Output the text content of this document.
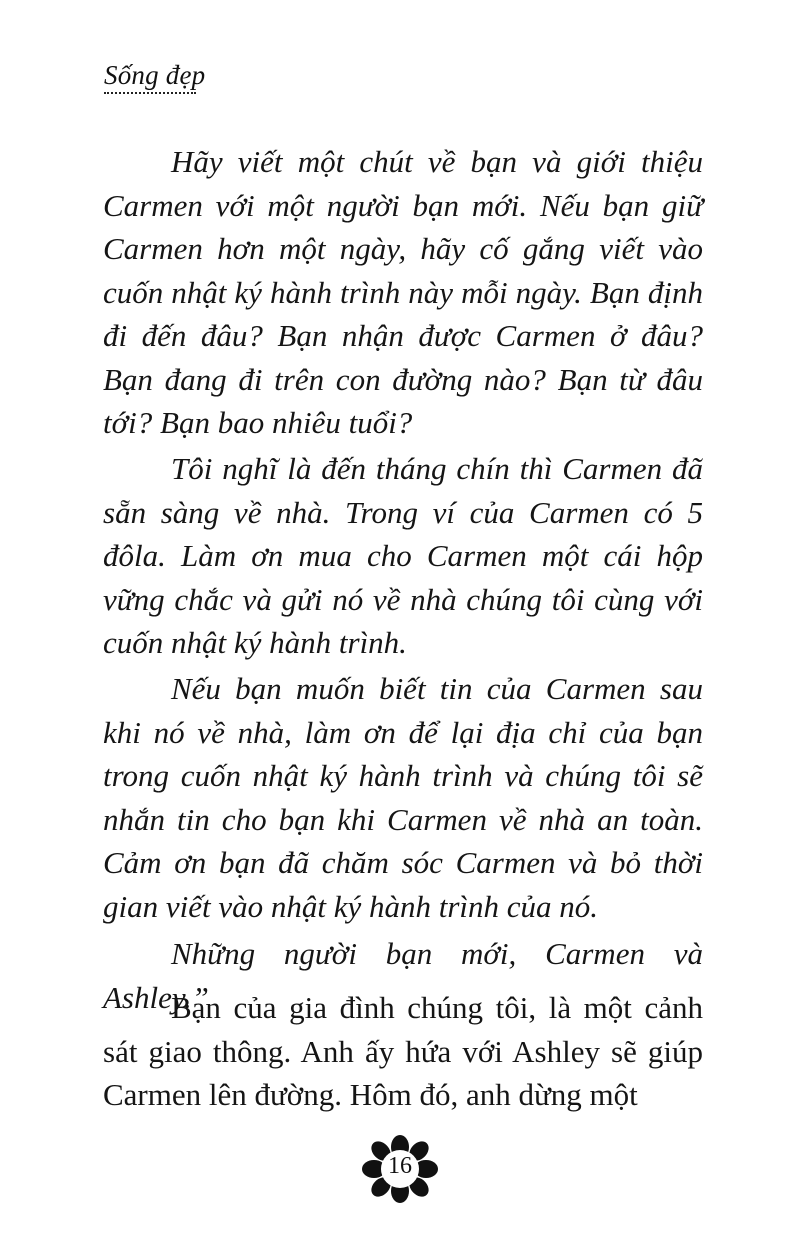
Sống đẹp

Hãy viết một chút về bạn và giới thiệu Carmen với một người bạn mới. Nếu bạn giữ Carmen hơn một ngày, hãy cố gắng viết vào cuốn nhật ký hành trình này mỗi ngày. Bạn định đi đến đâu? Bạn nhận được Carmen ở đâu? Bạn đang đi trên con đường nào? Bạn từ đâu tới? Bạn bao nhiêu tuổi?

Tôi nghĩ là đến tháng chín thì Carmen đã sẵn sàng về nhà. Trong ví của Carmen có 5 đôla. Làm ơn mua cho Carmen một cái hộp vững chắc và gửi nó về nhà chúng tôi cùng với cuốn nhật ký hành trình.

Nếu bạn muốn biết tin của Carmen sau khi nó về nhà, làm ơn để lại địa chỉ của bạn trong cuốn nhật ký hành trình và chúng tôi sẽ nhắn tin cho bạn khi Carmen về nhà an toàn. Cảm ơn bạn đã chăm sóc Carmen và bỏ thời gian viết vào nhật ký hành trình của nó.

Những người bạn mới, Carmen và Ashley.”

Bạn của gia đình chúng tôi, là một cảnh sát giao thông. Anh ấy hứa với Ashley sẽ giúp Carmen lên đường. Hôm đó, anh dừng một

16
